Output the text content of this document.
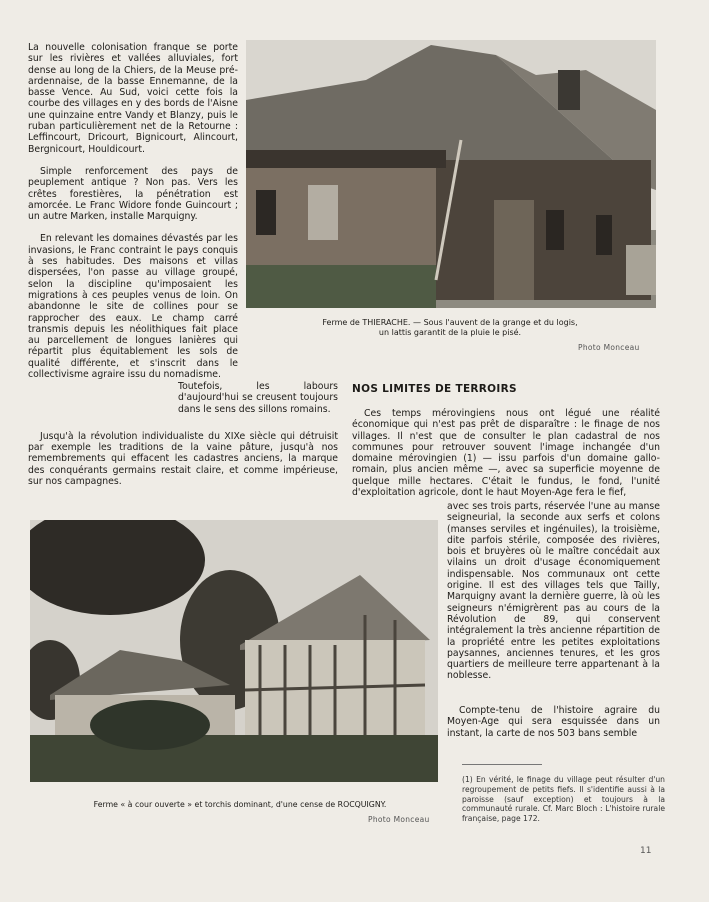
La nouvelle colonisation franque se porte sur les rivières et vallées alluviales, fort dense au long de la Chiers, de la Meuse pré-ardennaise, de la basse Ennemanne, de la basse Vence. Au Sud, voici cette fois la courbe des villages en y des bords de l'Aisne une quinzaine entre Vandy et Blanzy, puis le ruban particulièrement net de la Retourne : Leffincourt, Dricourt, Bignicourt, Alincourt, Bergnicourt, Houldicourt.

Simple renforcement des pays de peuplement antique ? Non pas. Vers les crêtes forestières, la pénétration est amorcée. Le Franc Widore fonde Guincourt ; un autre Marken, installe Marquigny.

En relevant les domaines dévastés par les invasions, le Franc contraint le pays conquis à ses habitudes. Des maisons et villas dispersées, l'on passe au village groupé, selon la discipline qu'imposaient les migrations à ces peuples venus de loin. On abandonne le site de collines pour se rapprocher des eaux. Le champ carré transmis depuis les néolithiques fait place au parcellement de longues lanières qui répartit plus équitablement les sols de qualité différente, et s'inscrit dans le collectivisme agraire issu du nomadisme.

Ferme de THIERACHE. — Sous l'auvent de la grange et du logis,
un lattis garantit de la pluie le pisé.
Photo Monceau
NOS LIMITES DE TERROIRS

Toutefois, les labours d'aujourd'hui se creusent toujours dans le sens des sillons romains.

Jusqu'à la révolution individualiste du XIXe siècle qui détruisit par exemple les traditions de la vaine pâture, jusqu'à nos remembrements qui effacent les cadastres anciens, la marque des conquérants germains restait claire, et comme impérieuse, sur nos campagnes.

Ces temps mérovingiens nous ont légué une réalité économique qui n'est pas prêt de disparaître : le finage de nos villages. Il n'est que de consulter le plan cadastral de nos communes pour retrouver souvent l'image inchangée d'un domaine mérovingien (1) — issu parfois d'un domaine gallo-romain, plus ancien même —, avec sa superficie moyenne de quelque mille hectares. C'était le fundus, le fond, l'unité d'exploitation agricole, dont le haut Moyen-Age fera le fief,
avec ses trois parts, réservée l'une au manse seigneurial, la seconde aux serfs et colons (manses serviles et ingénuiles), la troisième, dite parfois stérile, composée des rivières, bois et bruyères où le maître concédait aux vilains un droit d'usage économiquement indispensable. Nos communaux ont cette origine. Il est des villages tels que Tailly, Marquigny avant la dernière guerre, là où les seigneurs n'émigrèrent pas au cours de la Révolution de 89, qui conservent intégralement la très ancienne répartition de la propriété entre les petites exploitations paysannes, anciennes tenures, et les gros quartiers de meilleure terre appartenant à la noblesse.
Compte-tenu de l'histoire agraire du Moyen-Age qui sera esquissée dans un instant, la carte de nos 503 bans semble
Ferme « à cour ouverte » et torchis dominant, d'une cense de ROCQUIGNY.
Photo Monceau
(1) En vérité, le finage du village peut résulter d'un regroupement de petits fiefs. Il s'identifie aussi à la paroisse (sauf exception) et toujours à la communauté rurale. Cf. Marc Bloch : L'histoire rurale française, page 172.
11
